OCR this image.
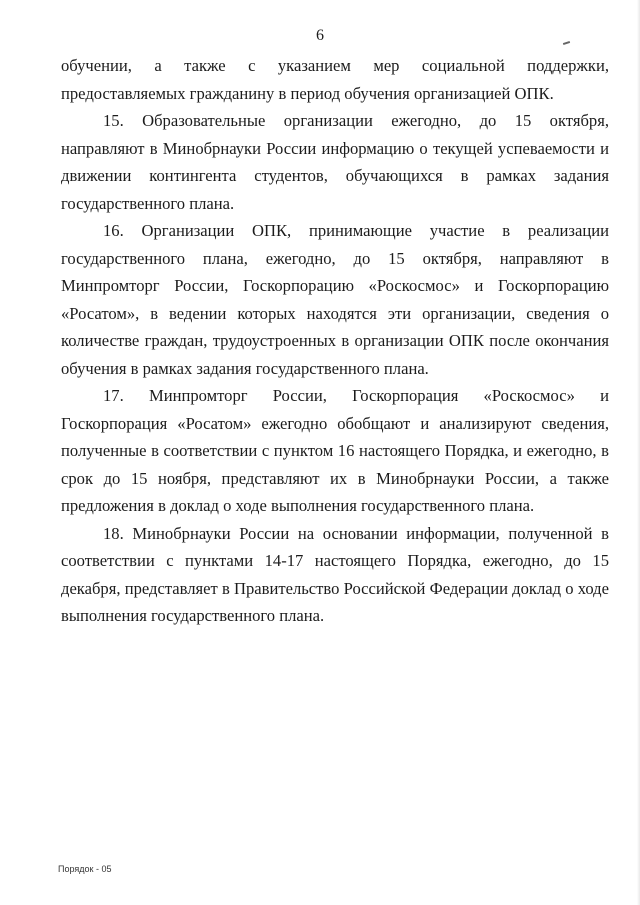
6

обучении, а также с указанием мер социальной поддержки, предоставляемых гражданину в период обучения организацией ОПК.

15. Образовательные организации ежегодно, до 15 октября, направляют в Минобрнауки России информацию о текущей успеваемости и движении контингента студентов, обучающихся в рамках задания государственного плана.

16. Организации ОПК, принимающие участие в реализации государственного плана, ежегодно, до 15 октября, направляют в Минпромторг России, Госкорпорацию «Роскосмос» и Госкорпорацию «Росатом», в ведении которых находятся эти организации, сведения о количестве граждан, трудоустроенных в организации ОПК после окончания обучения в рамках задания государственного плана.

17. Минпромторг России, Госкорпорация «Роскосмос» и Госкорпорация «Росатом» ежегодно обобщают и анализируют сведения, полученные в соответствии с пунктом 16 настоящего Порядка, и ежегодно, в срок до 15 ноября, представляют их в Минобрнауки России, а также предложения в доклад о ходе выполнения государственного плана.

18. Минобрнауки России на основании информации, полученной в соответствии с пунктами 14-17 настоящего Порядка, ежегодно, до 15 декабря, представляет в Правительство Российской Федерации доклад о ходе выполнения государственного плана.

Порядок - 05
